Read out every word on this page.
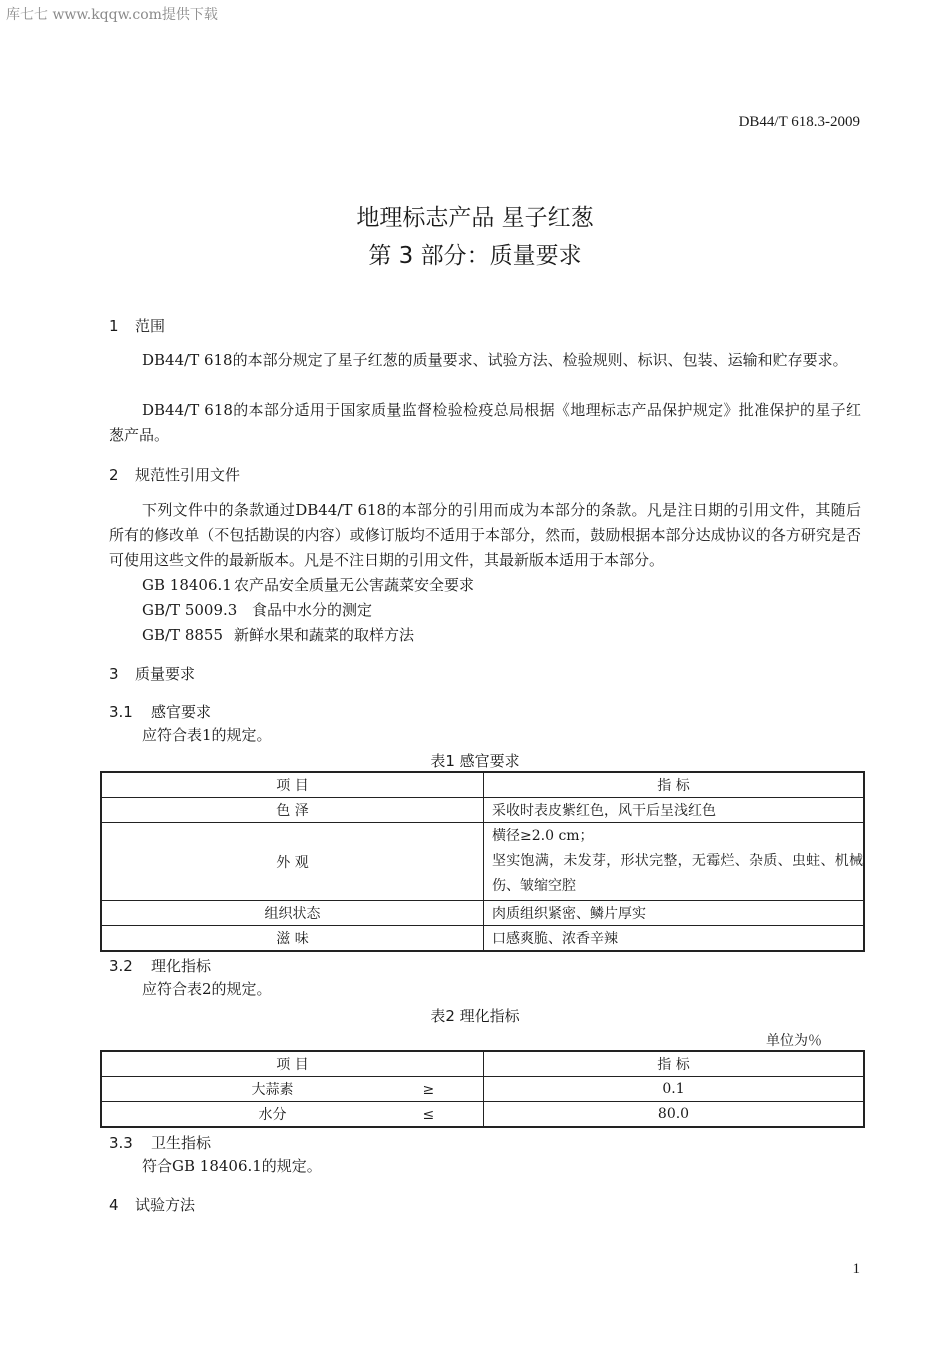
库七七 www.kqqw.com提供下载
DB44/T 618.3-2009
地理标志产品 星子红葱
第 3 部分：质量要求
1 范围
DB44/T 618的本部分规定了星子红葱的质量要求、试验方法、检验规则、标识、包装、运输和贮存要求。
DB44/T 618的本部分适用于国家质量监督检验检疫总局根据《地理标志产品保护规定》批准保护的星子红葱产品。
2 规范性引用文件
下列文件中的条款通过DB44/T 618的本部分的引用而成为本部分的条款。凡是注日期的引用文件，其随后所有的修改单（不包括勘误的内容）或修订版均不适用于本部分，然而，鼓励根据本部分达成协议的各方研究是否可使用这些文件的最新版本。凡是不注日期的引用文件，其最新版本适用于本部分。
GB 18406.1 农产品安全质量无公害蔬菜安全要求
GB/T 5009.3 食品中水分的测定
GB/T 8855 新鲜水果和蔬菜的取样方法
3 质量要求
3.1 感官要求
应符合表1的规定。
表1 感官要求
项 目	指 标
色 泽	采收时表皮紫红色，风干后呈浅红色
外 观	横径≥2.0 cm；
坚实饱满，未发芽，形状完整，无霉烂、杂质、虫蛀、机械伤、皱缩空腔

组织状态	肉质组织紧密、鳞片厚实
滋 味	口感爽脆、浓香辛辣
3.2 理化指标
应符合表2的规定。
表2 理化指标
单位为％
项 目	指 标
大蒜素 ≥	0.1
水分 ≤	80.0
3.3 卫生指标
符合GB 18406.1的规定。
4 试验方法
1
